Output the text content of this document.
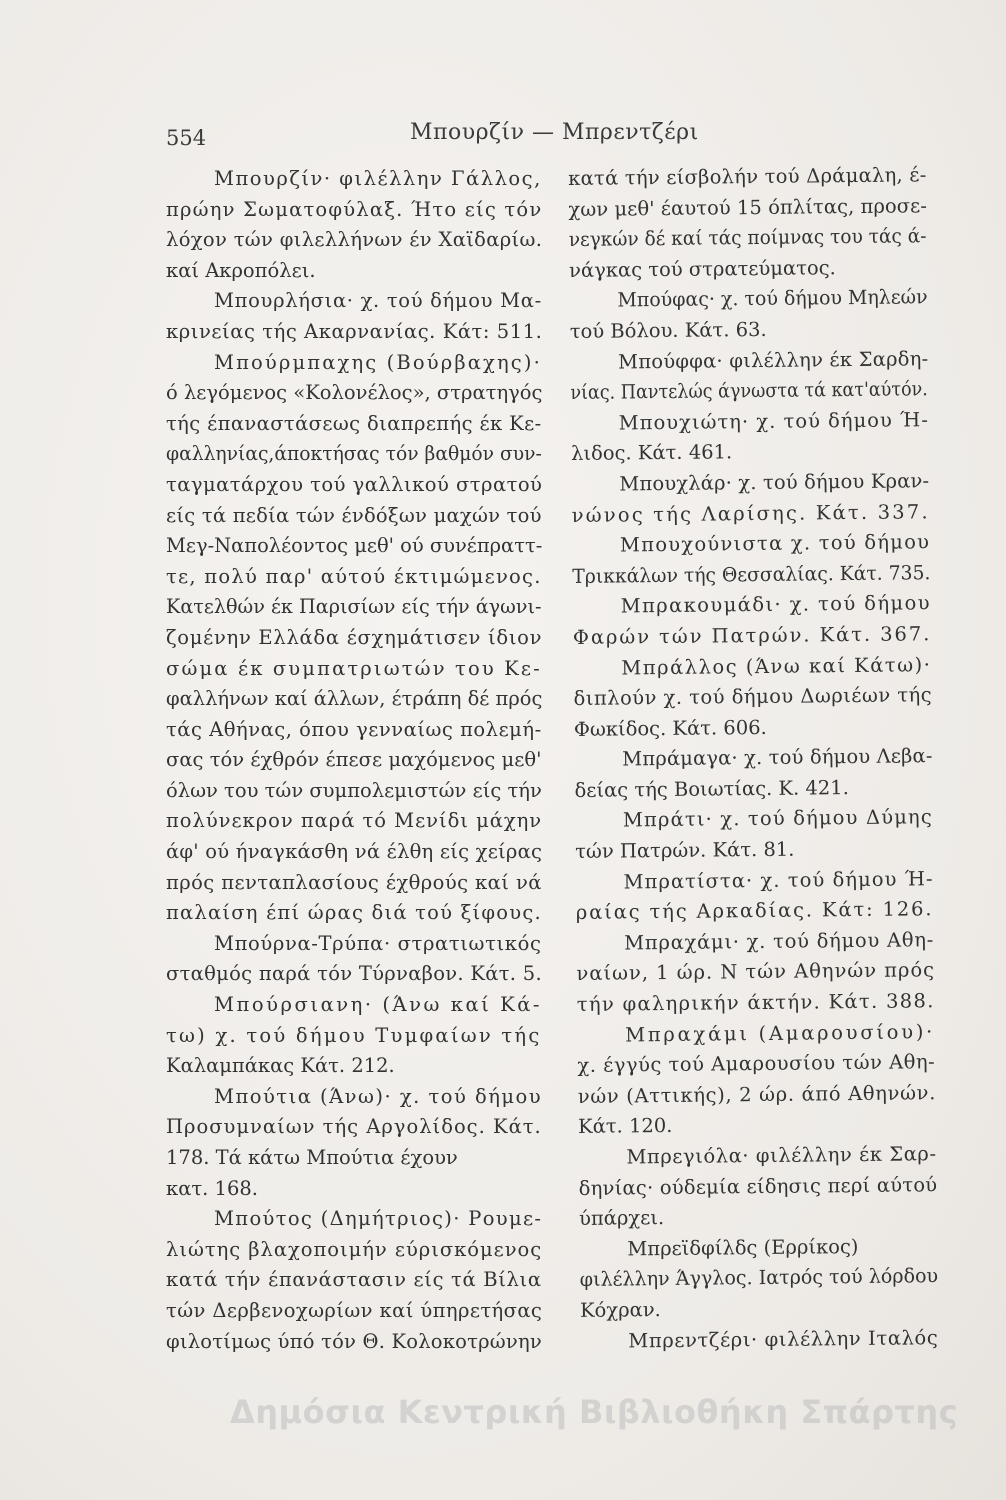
554	Μπουρζίν — Μπρεντζέρι
Μπουρζίν· φιλέλλην Γάλλος,
πρώην Σωματοφύλαξ. Ήτο είς τόν
λόχον τών φιλελλήνων έν Χαϊδαρίω.
καί Ακροπόλει.
Μπουρλήσια· χ. τού δήμου Μα-
κρινείας τής Ακαρνανίας. Κάτ: 511.
Μπούρμπαχης (Βούρβαχης)·
ό λεγόμενος «Κολονέλος», στρατηγός
τής έπαναστάσεως διαπρεπής έκ Κε-
φαλληνίας,άποκτήσας τόν βαθμόν συν-
ταγματάρχου τού γαλλικού στρατού
είς τά πεδία τών ένδόξων μαχών τού
Μεγ-Ναπολέοντος μεθ' ού συνέπραττ-
τε, πολύ παρ' αύτού έκτιμώμενος.
Κατελθών έκ Παρισίων είς τήν άγωνι-
ζομένην Ελλάδα έσχημάτισεν ίδιον
σώμα έκ συμπατριωτών του Κε-
φαλλήνων καί άλλων, έτράπη δέ πρός
τάς Αθήνας, όπου γενναίως πολεμή-
σας τόν έχθρόν έπεσε μαχόμενος μεθ'
όλων του τών συμπολεμιστών είς τήν
πολύνεκρον παρά τό Μενίδι μάχην
άφ' ού ήναγκάσθη νά έλθη είς χείρας
πρός πενταπλασίους έχθρούς καί νά
παλαίση έπί ώρας διά τού ξίφους.
Μπούρνα-Τρύπα· στρατιωτικός
σταθμός παρά τόν Τύρναβον. Κάτ. 5.
Μπούρσιανη· (Άνω καί Κά-
τω) χ. τού δήμου Τυμφαίων τής
Καλαμπάκας Κάτ. 212.
Μπούτια (Άνω)· χ. τού δήμου
Προσυμναίων τής Αργολίδος. Κάτ.
178. Τά κάτω Μπούτια έχουν
κατ. 168.
Μπούτος (Δημήτριος)· Ρουμε-
λιώτης βλαχοποιμήν εύρισκόμενος
κατά τήν έπανάστασιν είς τά Βίλια
τών Δερβενοχωρίων καί ύπηρετήσας
φιλοτίμως ύπό τόν Θ. Κολοκοτρώνην
κατά τήν είσβολήν τού Δράμαλη, έ-
χων μεθ' έαυτού 15 όπλίτας, προσε-
νεγκών δέ καί τάς ποίμνας του τάς ά-
νάγκας τού στρατεύματος.
Μπούφας· χ. τού δήμου Μηλεών
τού Βόλου. Κάτ. 63.
Μπούφφα· φιλέλλην έκ Σαρδη-
νίας. Παντελώς άγνωστα τά κατ'αύτόν.
Μπουχιώτη· χ. τού δήμου Ή-
λιδος. Κάτ. 461.
Μπουχλάρ· χ. τού δήμου Κραν-
νώνος τής Λαρίσης. Κάτ. 337.
Μπουχούνιστα χ. τού δήμου
Τρικκάλων τής Θεσσαλίας. Κάτ. 735.
Μπρακουμάδι· χ. τού δήμου
Φαρών τών Πατρών. Κάτ. 367.
Μπράλλος (Άνω καί Κάτω)·
διπλούν χ. τού δήμου Δωριέων τής
Φωκίδος. Κάτ. 606.
Μπράμαγα· χ. τού δήμου Λεβα-
δείας τής Βοιωτίας. Κ. 421.
Μπράτι· χ. τού δήμου Δύμης
τών Πατρών. Κάτ. 81.
Μπρατίστα· χ. τού δήμου Ή-
ραίας τής Αρκαδίας. Κάτ: 126.
Μπραχάμι· χ. τού δήμου Αθη-
ναίων, 1 ώρ. Ν τών Αθηνών πρός
τήν φαληρικήν άκτήν. Κάτ. 388.
Μπραχάμι (Αμαρουσίου)·
χ. έγγύς τού Αμαρουσίου τών Αθη-
νών (Αττικής), 2 ώρ. άπό Αθηνών.
Κάτ. 120.
Μπρεγιόλα· φιλέλλην έκ Σαρ-
δηνίας· ούδεμία είδησις περί αύτού
ύπάρχει.
Μπρεϊδφίλδς (Ερρίκος)
φιλέλλην Άγγλος. Ιατρός τού λόρδου
Κόχραν.
Μπρεντζέρι· φιλέλλην Ιταλός
Δημόσια Κεντρική Βιβλιοθήκη Σπάρτης
